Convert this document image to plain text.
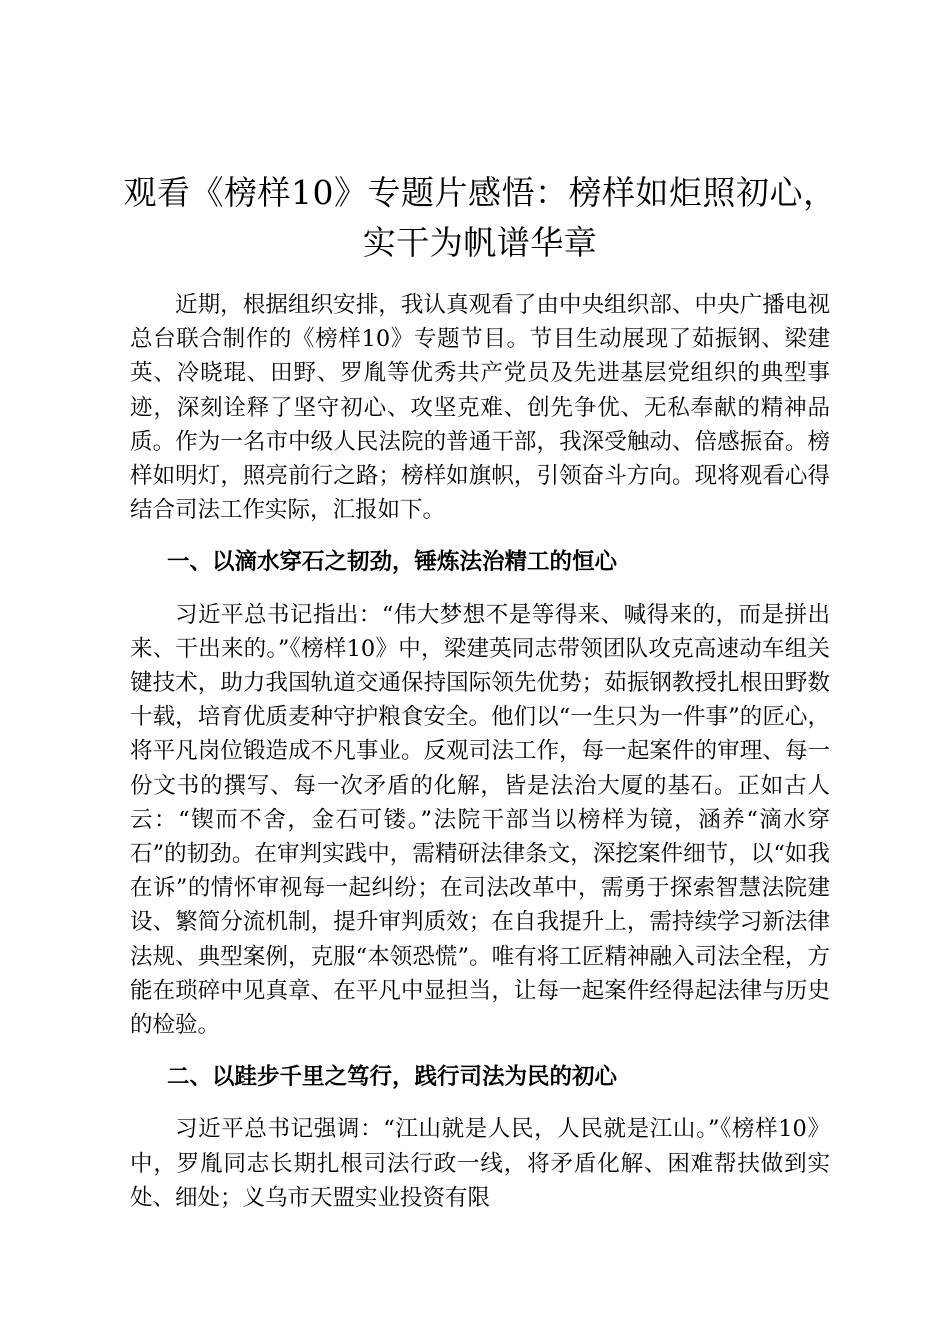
观看《榜样10》专题片感悟：榜样如炬照初心，实干为帆谱华章

近期，根据组织安排，我认真观看了由中央组织部、中央广播电视总台联合制作的《榜样10》专题节目。节目生动展现了茹振钢、梁建英、冷晓琨、田野、罗胤等优秀共产党员及先进基层党组织的典型事迹，深刻诠释了坚守初心、攻坚克难、创先争优、无私奉献的精神品质。作为一名市中级人民法院的普通干部，我深受触动、倍感振奋。榜样如明灯，照亮前行之路；榜样如旗帜，引领奋斗方向。现将观看心得结合司法工作实际，汇报如下。

一、以滴水穿石之韧劲，锤炼法治精工的恒心

习近平总书记指出：“伟大梦想不是等得来、喊得来的，而是拼出来、干出来的。”《榜样10》中，梁建英同志带领团队攻克高速动车组关键技术，助力我国轨道交通保持国际领先优势；茹振钢教授扎根田野数十载，培育优质麦种守护粮食安全。他们以“一生只为一件事”的匠心，将平凡岗位锻造成不凡事业。反观司法工作，每一起案件的审理、每一份文书的撰写、每一次矛盾的化解，皆是法治大厦的基石。正如古人云：“锲而不舍，金石可镂。”法院干部当以榜样为镜，涵养“滴水穿石”的韧劲。在审判实践中，需精研法律条文，深挖案件细节，以“如我在诉”的情怀审视每一起纠纷；在司法改革中，需勇于探索智慧法院建设、繁简分流机制，提升审判质效；在自我提升上，需持续学习新法律法规、典型案例，克服“本领恐慌”。唯有将工匠精神融入司法全程，方能在琐碎中见真章、在平凡中显担当，让每一起案件经得起法律与历史的检验。

二、以跬步千里之笃行，践行司法为民的初心

习近平总书记强调：“江山就是人民，人民就是江山。”《榜样10》中，罗胤同志长期扎根司法行政一线，将矛盾化解、困难帮扶做到实处、细处；义乌市天盟实业投资有限
